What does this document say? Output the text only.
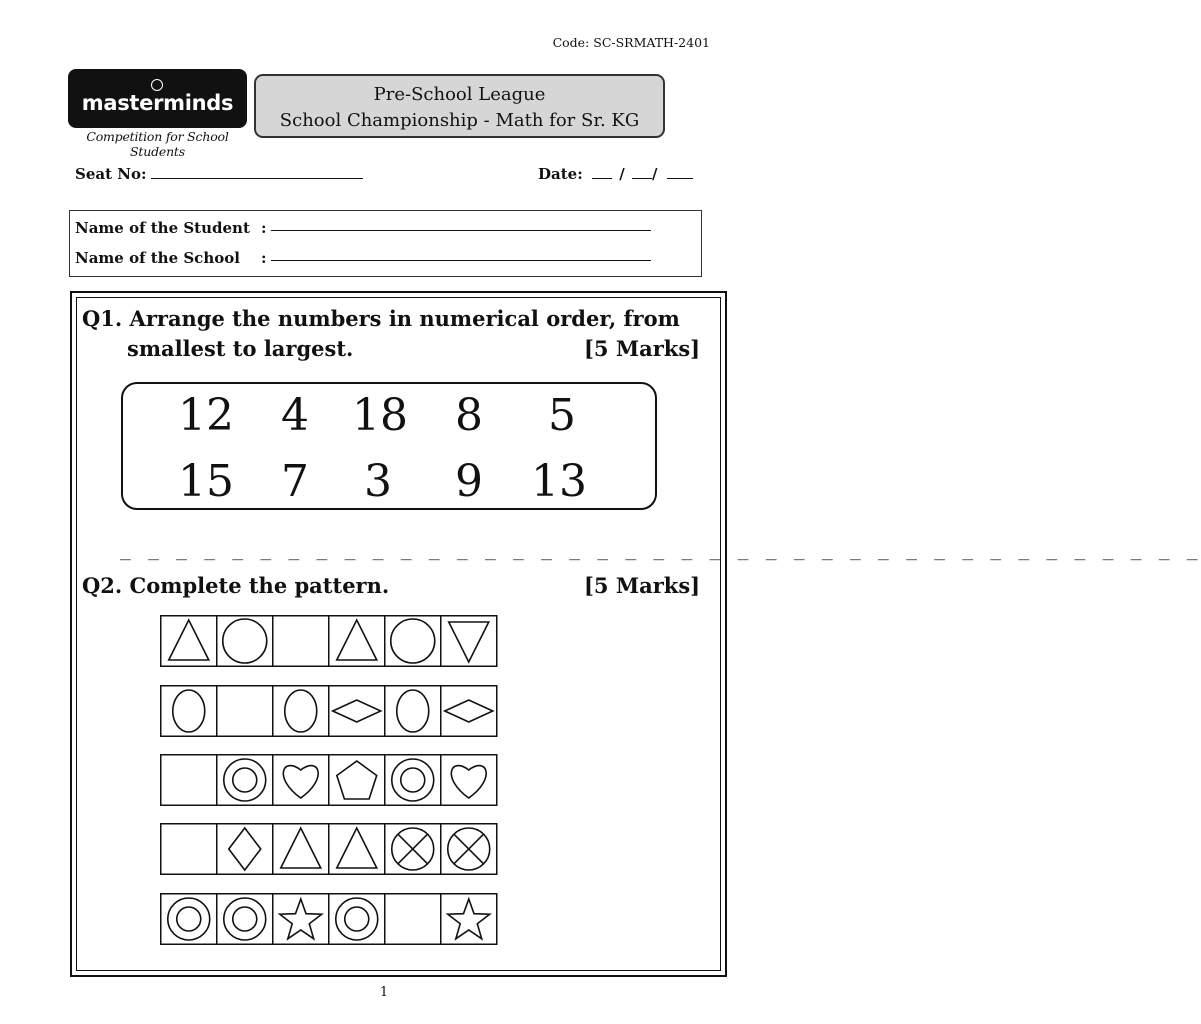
Code: SC-SRMATH-2401
masterminds
Competition for School Students
Pre-School League
School Championship - Math for Sr. KG
Seat No:	Date: / /
Name of the Student :
Name of the School :
Q1. Arrange the numbers in numerical order, from
smallest to largest.	[5 Marks]
12	4 18	8	5
15	7	3	9	13
_ _ _ _ _ _ _ _ _ _ _ _ _ _ _ _ _ _ _ _ _ _ _ _ _ _ _ _ _ _ _ _ _ _ _ _ _ _ _
Q2. Complete the pattern.	[5 Marks]
1
